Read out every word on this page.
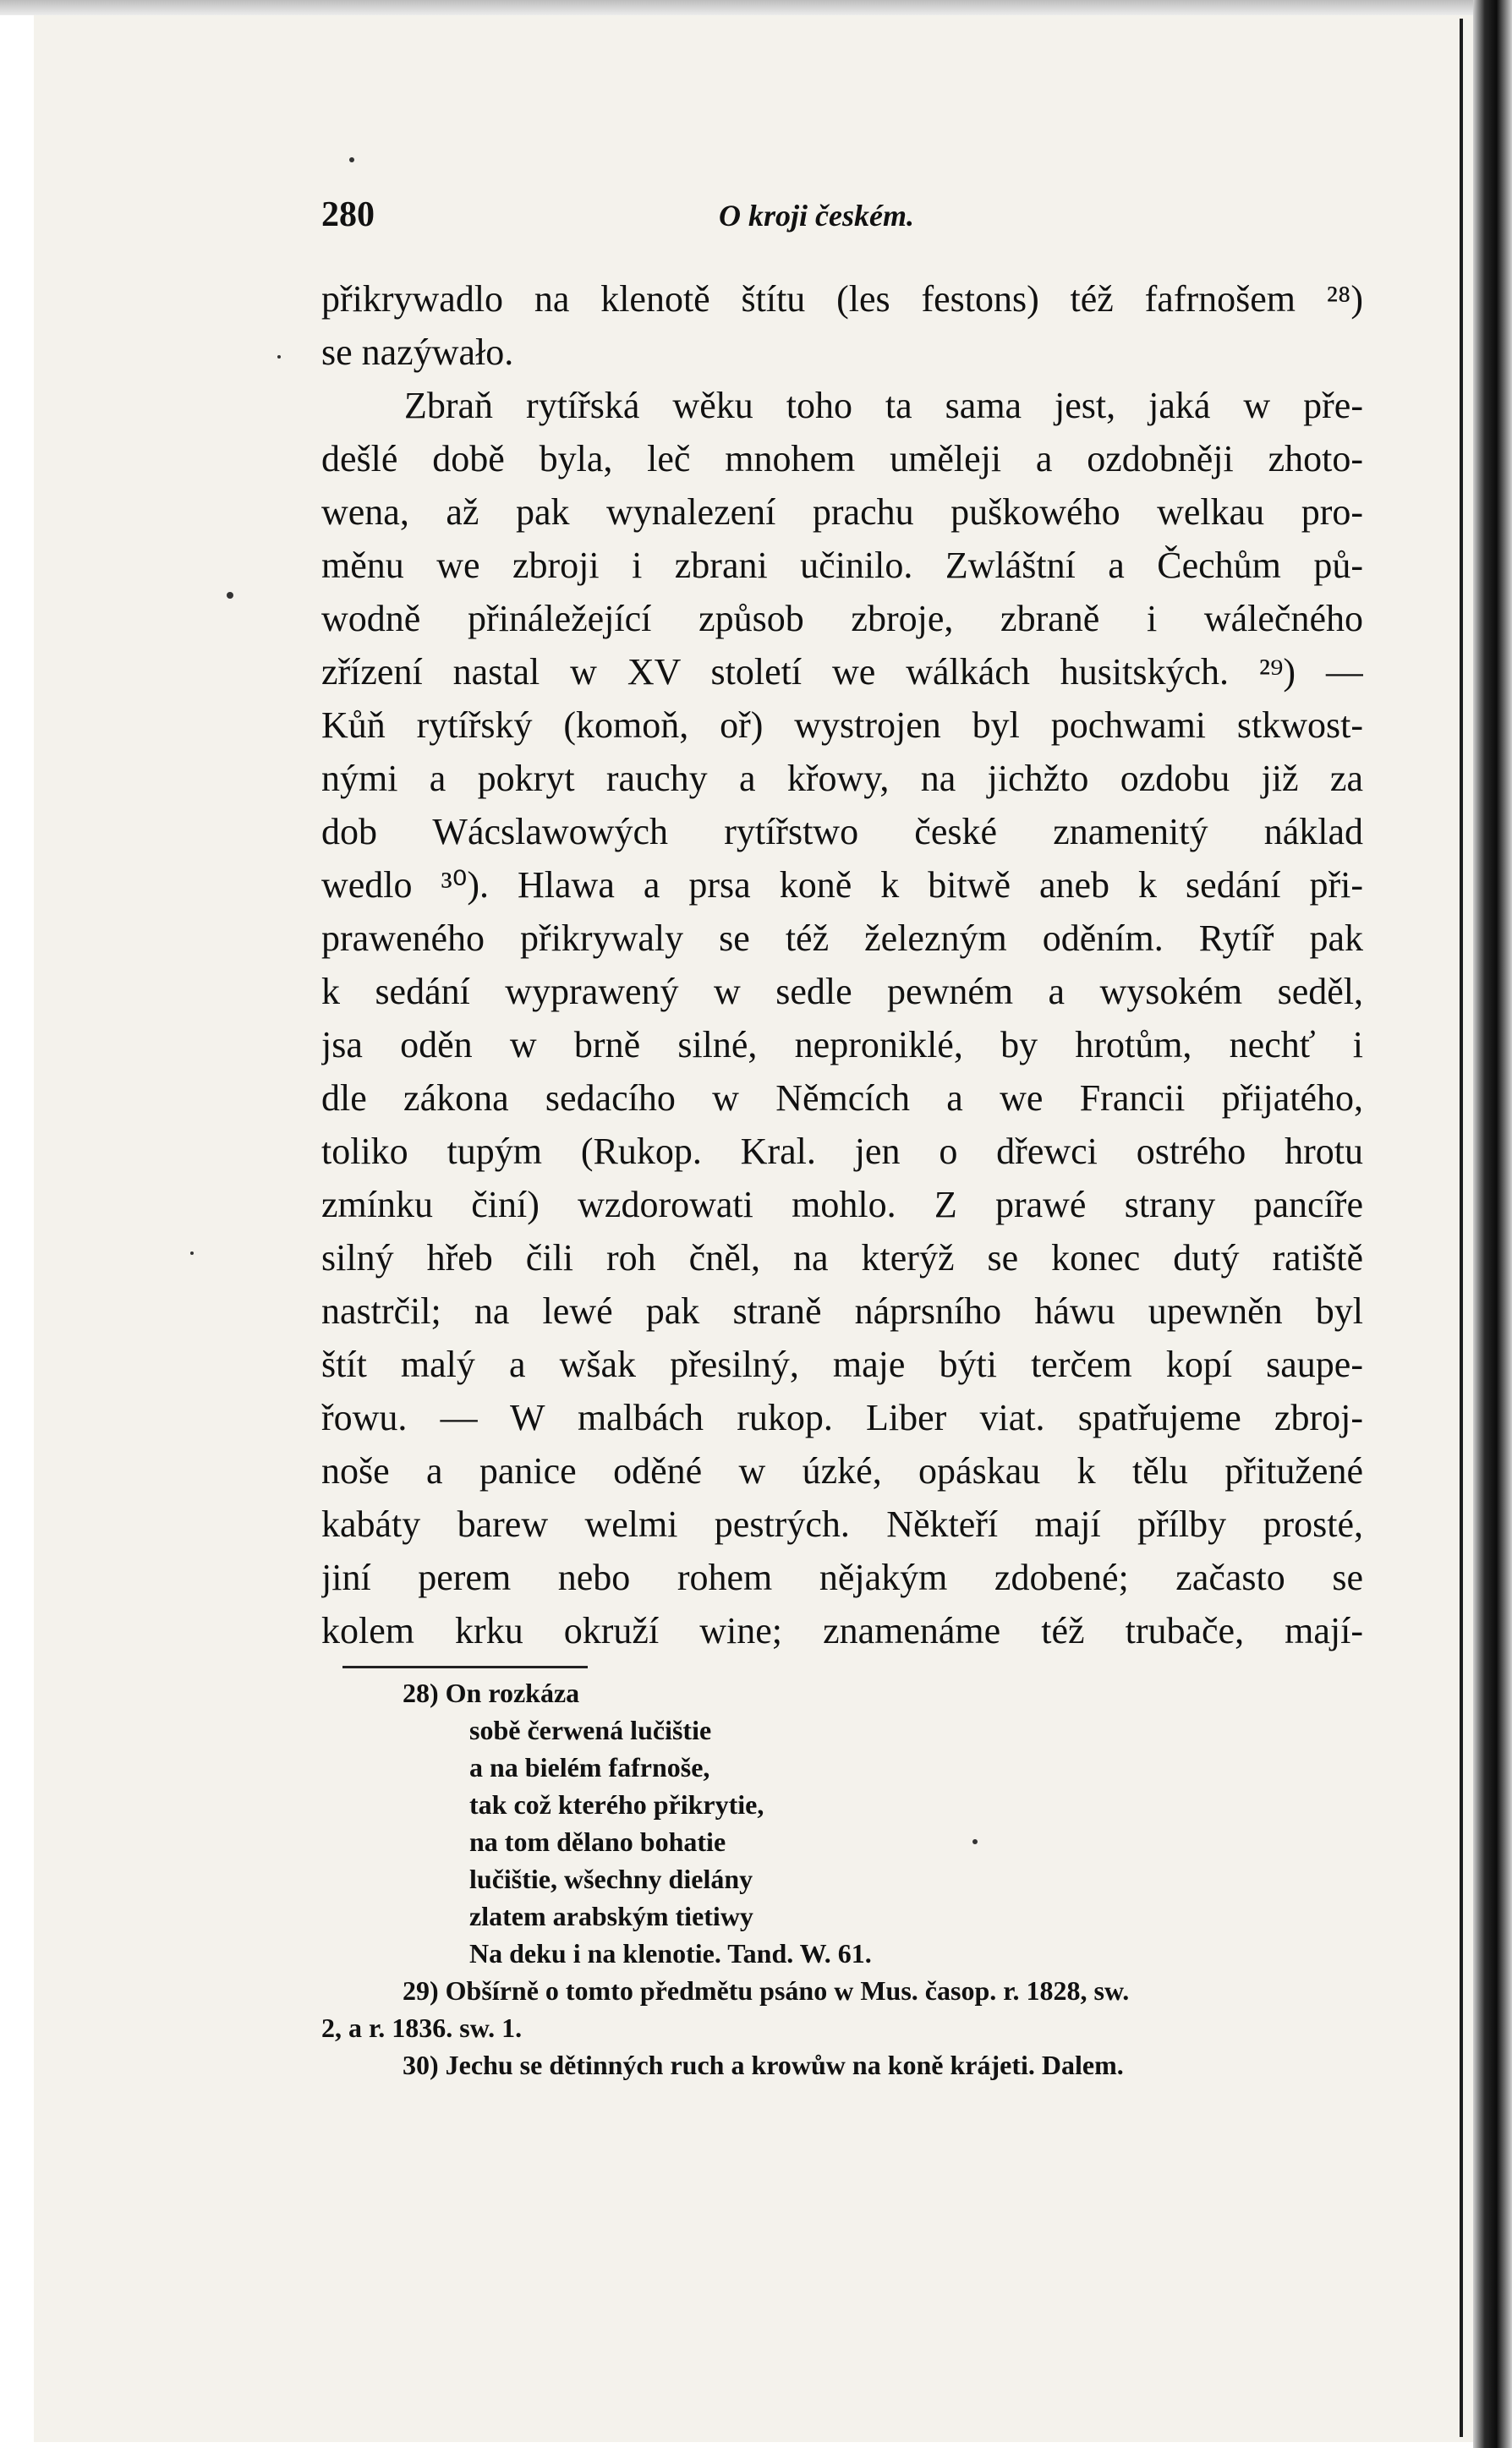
280	O kroji českém.
přikrywadlo na klenotě štítu (les festons) též fafrnošem ²⁸)
se nazýwało.
Zbraň rytířská wěku toho ta sama jest, jaká w pře-
dešlé době byla, leč mnohem uměleji a ozdobněji zhoto-
wena, až pak wynalezení prachu puškowého welkau pro-
měnu we zbroji i zbrani učinilo. Zwláštní a Čechům pů-
wodně přináležející způsob zbroje, zbraně i wálečného
zřízení nastal w XV století we wálkách husitských. ²⁹) —
Kůň rytířský (komoň, oř) wystrojen byl pochwami stkwost-
nými a pokryt rauchy a křowy, na jichžto ozdobu již za
dob Wácslawowých rytířstwo české znamenitý náklad
wedlo ³⁰). Hlawa a prsa koně k bitwě aneb k sedání při-
praweného přikrywaly se též železným oděním. Rytíř pak
k sedání wyprawený w sedle pewném a wysokém seděl,
jsa oděn w brně silné, neproniklé, by hrotům, nechť i
dle zákona sedacího w Němcích a we Francii přijatého,
toliko tupým (Rukop. Kral. jen o dřewci ostrého hrotu
zmínku činí) wzdorowati mohlo. Z prawé strany pancíře
silný hřeb čili roh čněl, na kterýž se konec dutý ratiště
nastrčil; na lewé pak straně náprsního háwu upewněn byl
štít malý a wšak přesilný, maje býti terčem kopí saupe-
řowu. — W malbách rukop. Liber viat. spatřujeme zbroj-
noše a panice oděné w úzké, opáskau k tělu přitužené
kabáty barew welmi pestrých. Někteří mají přílby prosté,
jiní perem nebo rohem nějakým zdobené; začasto se
kolem krku okruží wine; znamenáme též trubače, mají-
28) On rozkáza
sobě čerwená lučištie
a na bielém fafrnoše,
tak což kterého přikrytie,
na tom dělano bohatie
lučištie, wšechny dielány
zlatem arabským tietiwy
Na deku i na klenotie. Tand. W. 61.
29) Obšírně o tomto předmětu psáno w Mus. časop. r. 1828, sw.
2, a r. 1836. sw. 1.
30) Jechu se dětinných ruch a krowůw na koně krájeti. Dalem.
